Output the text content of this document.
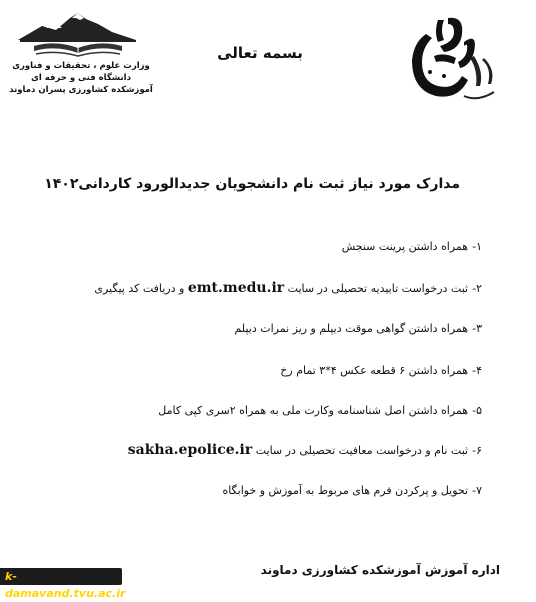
وزارت علوم ، تحقیقات و فناوری
دانشگاه فنی و حرفه ای
آموزشکده کشاورزی پسران دماوند
بسمه تعالی
مدارک مورد نیاز ثبت نام دانشجویان جدیدالورود کاردانی۱۴۰۲
۱-همراه داشتن پرینت سنجش
۲-ثبت درخواست تاییدیه تحصیلی در سایت emt.medu.ir و دریافت کد پیگیری
۳-همراه داشتن گواهی موقت دیپلم و ریز نمرات دیپلم
۴-همراه داشتن ۶ قطعه عکس ۴*۳ تمام رخ
۵-همراه داشتن اصل شناسنامه وکارت ملی به همراه ۲سری کپی کامل
۶-ثبت نام و درخواست معافیت تحصیلی در سایت sakha.epolice.ir
۷-تحویل و پرکردن فرم های مربوط به آموزش و خوابگاه
اداره آموزش آموزشکده کشاورزی دماوند
k-damavand.tvu.ac.ir
